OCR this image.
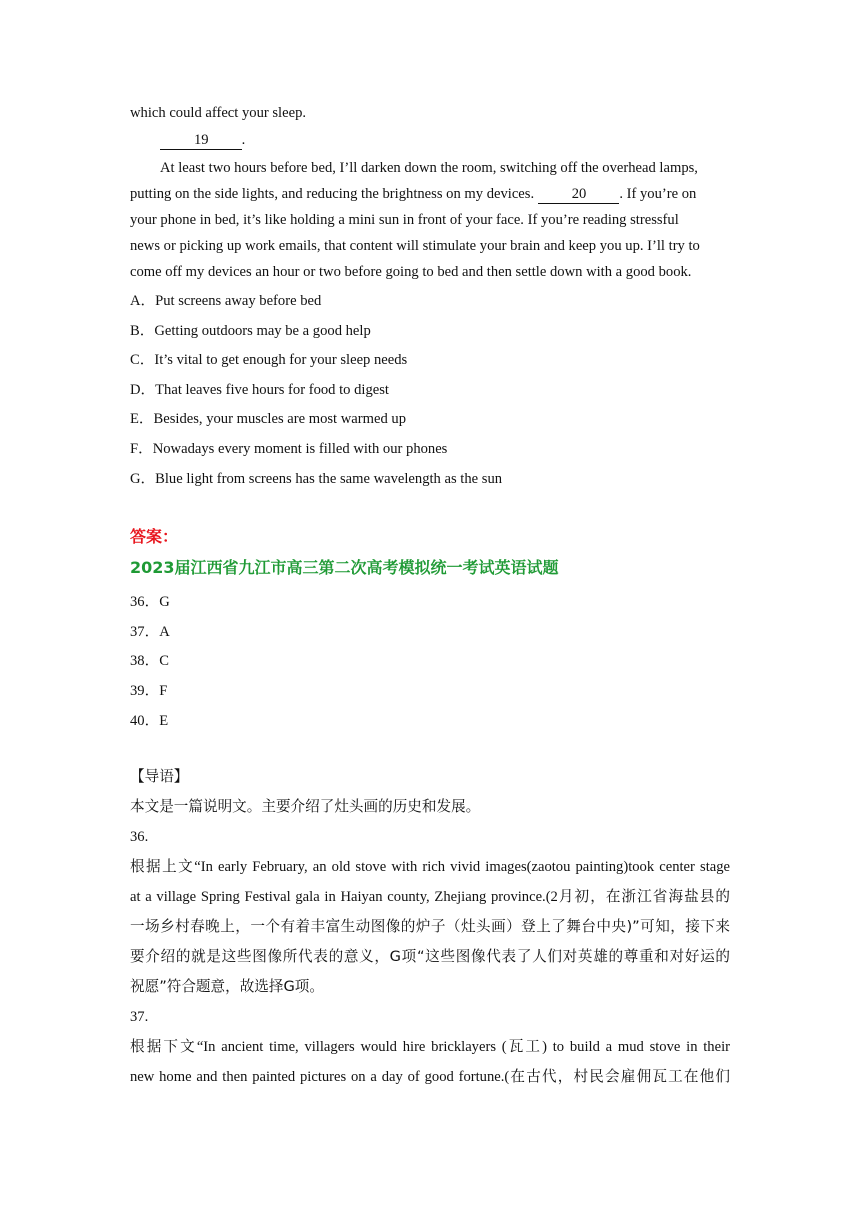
which could affect your sleep.
19 .
At least two hours before bed, I’ll darken down the room, switching off the overhead lamps,
putting on the side lights, and reducing the brightness on my devices.  20 . If you’re on
your phone in bed, it’s like holding a mini sun in front of your face. If you’re reading stressful
news or picking up work emails, that content will stimulate your brain and keep you up. I’ll try to
come off my devices an hour or two before going to bed and then settle down with a good book.
A．Put screens away before bed
B．Getting outdoors may be a good help
C．It’s vital to get enough for your sleep needs
D．That leaves five hours for food to digest
E．Besides, your muscles are most warmed up
F．Nowadays every moment is filled with our phones
G．Blue light from screens has the same wavelength as the sun
答案：
2023届江西省九江市高三第二次高考模拟统一考试英语试题
36．G
37．A
38．C
39．F
40．E
【导语】
本文是一篇说明文。主要介绍了灶头画的历史和发展。
36.
根据上文“In early February, an old stove with rich vivid images(zaotou painting)took center stage
at a village Spring Festival gala in Haiyan county, Zhejiang province.(2月初，在浙江省海盐县的
一场乡村春晚上，一个有着丰富生动图像的炉子（灶头画）登上了舞台中央)”可知，接下来
要介绍的就是这些图像所代表的意义，G项“这些图像代表了人们对英雄的尊重和对好运的
祝愿”符合题意，故选择G项。
37.
根据下文“In ancient time, villagers would hire bricklayers (瓦工) to build a mud stove in their
new home and then painted pictures on a day of good fortune.(在古代，村民会雇佣瓦工在他们
